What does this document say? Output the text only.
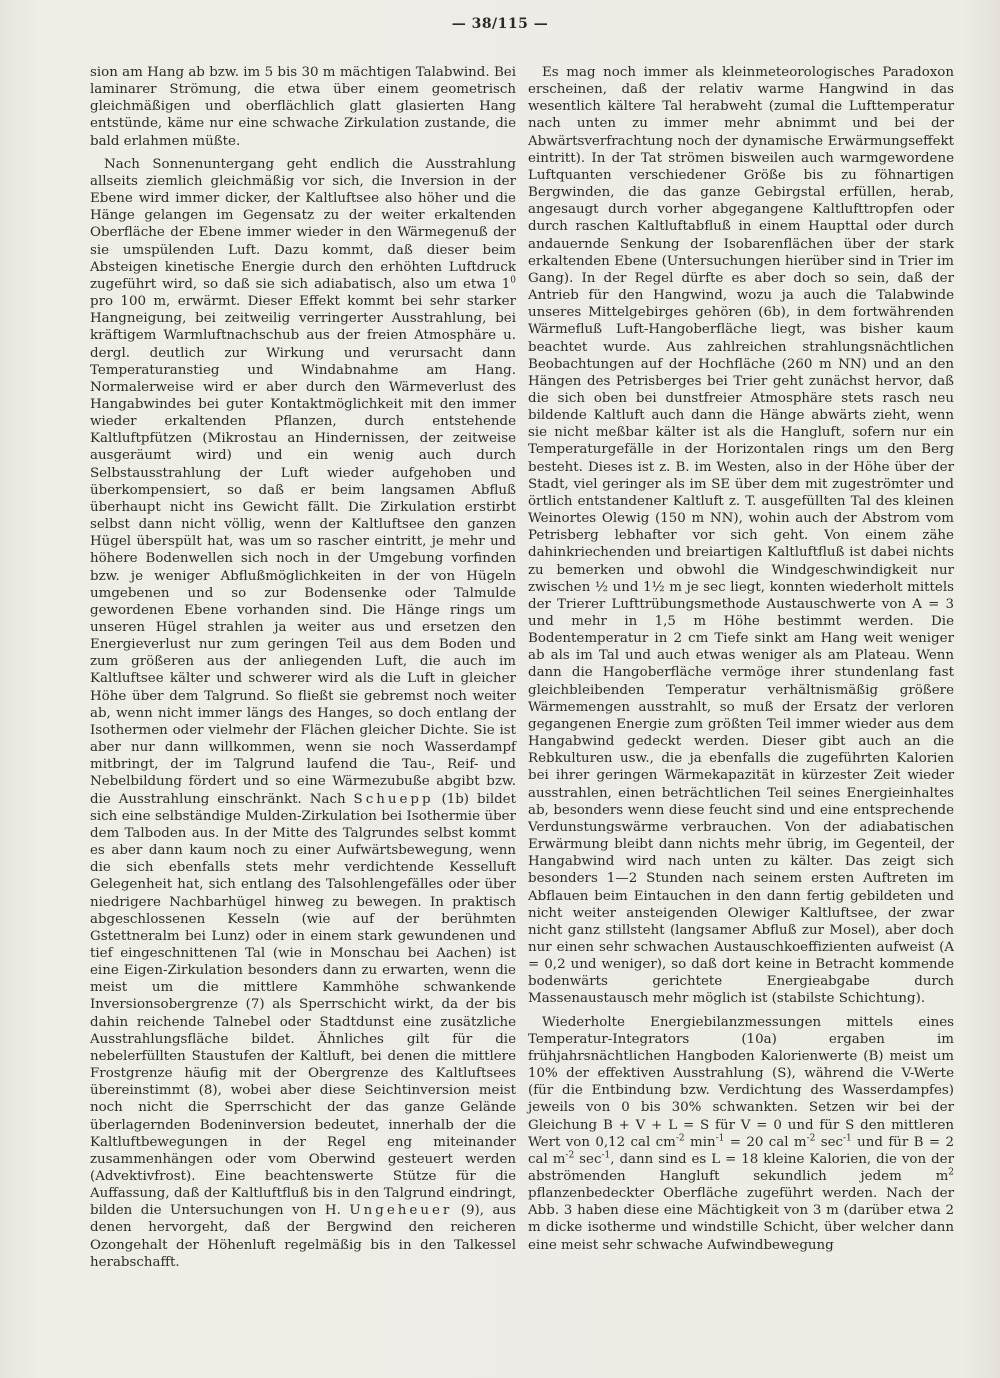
— 38/115 —

sion am Hang ab bzw. im 5 bis 30 m mächtigen Talabwind. Bei laminarer Strömung, die etwa über einem geometrisch gleichmäßigen und oberflächlich glatt glasierten Hang entstünde, käme nur eine schwache Zirkulation zustande, die bald erlahmen müßte.

Nach Sonnenuntergang geht endlich die Ausstrahlung allseits ziemlich gleichmäßig vor sich, die Inversion in der Ebene wird immer dicker, der Kaltluftsee also höher und die Hänge gelangen im Gegensatz zu der weiter erkaltenden Oberfläche der Ebene immer wieder in den Wärmegenuß der sie umspülenden Luft. Dazu kommt, daß dieser beim Absteigen kinetische Energie durch den erhöhten Luftdruck zugeführt wird, so daß sie sich adiabatisch, also um etwa $1^0$ pro 100 m, erwärmt. Dieser Effekt kommt bei sehr starker Hangneigung, bei zeitweilig verringerter Ausstrahlung, bei kräftigem Warmluftnachschub aus der freien Atmosphäre u. dergl. deutlich zur Wirkung und verursacht dann Temperaturanstieg und Windabnahme am Hang. Normalerweise wird er aber durch den Wärmeverlust des Hangabwindes bei guter Kontaktmöglichkeit mit den immer wieder erkaltenden Pflanzen, durch entstehende Kaltluftpfützen (Mikrostau an Hindernissen, der zeitweise ausgeräumt wird) und ein wenig auch durch Selbstausstrahlung der Luft wieder aufgehoben und überkompensiert, so daß er beim langsamen Abfluß überhaupt nicht ins Gewicht fällt. Die Zirkulation erstirbt selbst dann nicht völlig, wenn der Kaltluftsee den ganzen Hügel überspült hat, was um so rascher eintritt, je mehr und höhere Bodenwellen sich noch in der Umgebung vorfinden bzw. je weniger Abflußmöglichkeiten in der von Hügeln umgebenen und so zur Bodensenke oder Talmulde gewordenen Ebene vorhanden sind. Die Hänge rings um unseren Hügel strahlen ja weiter aus und ersetzen den Energieverlust nur zum geringen Teil aus dem Boden und zum größeren aus der anliegenden Luft, die auch im Kaltluftsee kälter und schwerer wird als die Luft in gleicher Höhe über dem Talgrund. So fließt sie gebremst noch weiter ab, wenn nicht immer längs des Hanges, so doch entlang der Isothermen oder vielmehr der Flächen gleicher Dichte. Sie ist aber nur dann willkommen, wenn sie noch Wasserdampf mitbringt, der im Talgrund laufend die Tau-, Reif- und Nebelbildung fördert und so eine Wärmezubuße abgibt bzw. die Ausstrahlung einschränkt. Nach Schuepp (1b) bildet sich eine selbständige Mulden-Zirkulation bei Isothermie über dem Talboden aus. In der Mitte des Talgrundes selbst kommt es aber dann kaum noch zu einer Aufwärtsbewegung, wenn die sich ebenfalls stets mehr verdichtende Kesselluft Gelegenheit hat, sich entlang des Talsohlengefälles oder über niedrigere Nachbarhügel hinweg zu bewegen. In praktisch abgeschlossenen Kesseln (wie auf der berühmten Gstettneralm bei Lunz) oder in einem stark gewundenen und tief eingeschnittenen Tal (wie in Monschau bei Aachen) ist eine Eigen-Zirkulation besonders dann zu erwarten, wenn die meist um die mittlere Kammhöhe schwankende Inversionsobergrenze (7) als Sperrschicht wirkt, da der bis dahin reichende Talnebel oder Stadtdunst eine zusätzliche Ausstrahlungsfläche bildet. Ähnliches gilt für die nebelerfüllten Staustufen der Kaltluft, bei denen die mittlere Frostgrenze häufig mit der Obergrenze des Kaltluftsees übereinstimmt (8), wobei aber diese Seichtinversion meist noch nicht die Sperrschicht der das ganze Gelände überlagernden Bodeninversion bedeutet, innerhalb der die Kaltluftbewegungen in der Regel eng miteinander zusammenhängen oder vom Oberwind gesteuert werden (Advektivfrost). Eine beachtenswerte Stütze für die Auffassung, daß der Kaltluftfluß bis in den Talgrund eindringt, bilden die Untersuchungen von H. Ungeheuer (9), aus denen hervorgeht, daß der Bergwind den reicheren Ozongehalt der Höhenluft regelmäßig bis in den Talkessel herabschafft.

Es mag noch immer als kleinmeteorologisches Paradoxon erscheinen, daß der relativ warme Hangwind in das wesentlich kältere Tal herabweht (zumal die Lufttemperatur nach unten zu immer mehr abnimmt und bei der Abwärtsverfrachtung noch der dynamische Erwärmungseffekt eintritt). In der Tat strömen bisweilen auch warmgewordene Luftquanten verschiedener Größe bis zu föhnartigen Bergwinden, die das ganze Gebirgstal erfüllen, herab, angesaugt durch vorher abgegangene Kaltlufttropfen oder durch raschen Kaltluftabfluß in einem Haupttal oder durch andauernde Senkung der Isobarenflächen über der stark erkaltenden Ebene (Untersuchungen hierüber sind in Trier im Gang). In der Regel dürfte es aber doch so sein, daß der Antrieb für den Hangwind, wozu ja auch die Talabwinde unseres Mittelgebirges gehören (6b), in dem fortwährenden Wärmefluß Luft-Hangoberfläche liegt, was bisher kaum beachtet wurde. Aus zahlreichen strahlungsnächtlichen Beobachtungen auf der Hochfläche (260 m NN) und an den Hängen des Petrisberges bei Trier geht zunächst hervor, daß die sich oben bei dunstfreier Atmosphäre stets rasch neu bildende Kaltluft auch dann die Hänge abwärts zieht, wenn sie nicht meßbar kälter ist als die Hangluft, sofern nur ein Temperaturgefälle in der Horizontalen rings um den Berg besteht. Dieses ist z. B. im Westen, also in der Höhe über der Stadt, viel geringer als im SE über dem mit zugeströmter und örtlich entstandener Kaltluft z. T. ausgefüllten Tal des kleinen Weinortes Olewig (150 m NN), wohin auch der Abstrom vom Petrisberg lebhafter vor sich geht. Von einem zähe dahinkriechenden und breiartigen Kaltluftfluß ist dabei nichts zu bemerken und obwohl die Windgeschwindigkeit nur zwischen ½ und 1½ m je sec liegt, konnten wiederholt mittels der Trierer Lufttrübungsmethode Austauschwerte von A = 3 und mehr in 1,5 m Höhe bestimmt werden. Die Bodentemperatur in 2 cm Tiefe sinkt am Hang weit weniger ab als im Tal und auch etwas weniger als am Plateau. Wenn dann die Hangoberfläche vermöge ihrer stundenlang fast gleichbleibenden Temperatur verhältnismäßig größere Wärmemengen ausstrahlt, so muß der Ersatz der verloren gegangenen Energie zum größten Teil immer wieder aus dem Hangabwind gedeckt werden. Dieser gibt auch an die Rebkulturen usw., die ja ebenfalls die zugeführten Kalorien bei ihrer geringen Wärmekapazität in kürzester Zeit wieder ausstrahlen, einen beträchtlichen Teil seines Energieinhaltes ab, besonders wenn diese feucht sind und eine entsprechende Verdunstungswärme verbrauchen. Von der adiabatischen Erwärmung bleibt dann nichts mehr übrig, im Gegenteil, der Hangabwind wird nach unten zu kälter. Das zeigt sich besonders 1—2 Stunden nach seinem ersten Auftreten im Abflauen beim Eintauchen in den dann fertig gebildeten und nicht weiter ansteigenden Olewiger Kaltluftsee, der zwar nicht ganz stillsteht (langsamer Abfluß zur Mosel), aber doch nur einen sehr schwachen Austauschkoeffizienten aufweist (A = 0,2 und weniger), so daß dort keine in Betracht kommende bodenwärts gerichtete Energieabgabe durch Massenaustausch mehr möglich ist (stabilste Schichtung).

Wiederholte Energiebilanzmessungen mittels eines Temperatur-Integrators (10a) ergaben im frühjahrsnächtlichen Hangboden Kalorienwerte (B) meist um 10% der effektiven Ausstrahlung (S), während die V-Werte (für die Entbindung bzw. Verdichtung des Wasserdampfes) jeweils von 0 bis 30% schwankten. Setzen wir bei der Gleichung B + V + L = S für V = 0 und für S den mittleren Wert von 0,12 cal $cm^{-2}$ $\min^{-1} = 20$ cal $m^{-2}$ $\sec^{-1}$ und für B = 2 cal $m^{-2}$ $\sec^{-1}$, dann sind es L = 18 kleine Kalorien, die von der abströmenden Hangluft sekundlich jedem $m^2$ pflanzenbedeckter Oberfläche zugeführt werden. Nach der Abb. 3 haben diese eine Mächtigkeit von 3 m (darüber etwa 2 m dicke isotherme und windstille Schicht, über welcher dann eine meist sehr schwache Aufwindbewegung
